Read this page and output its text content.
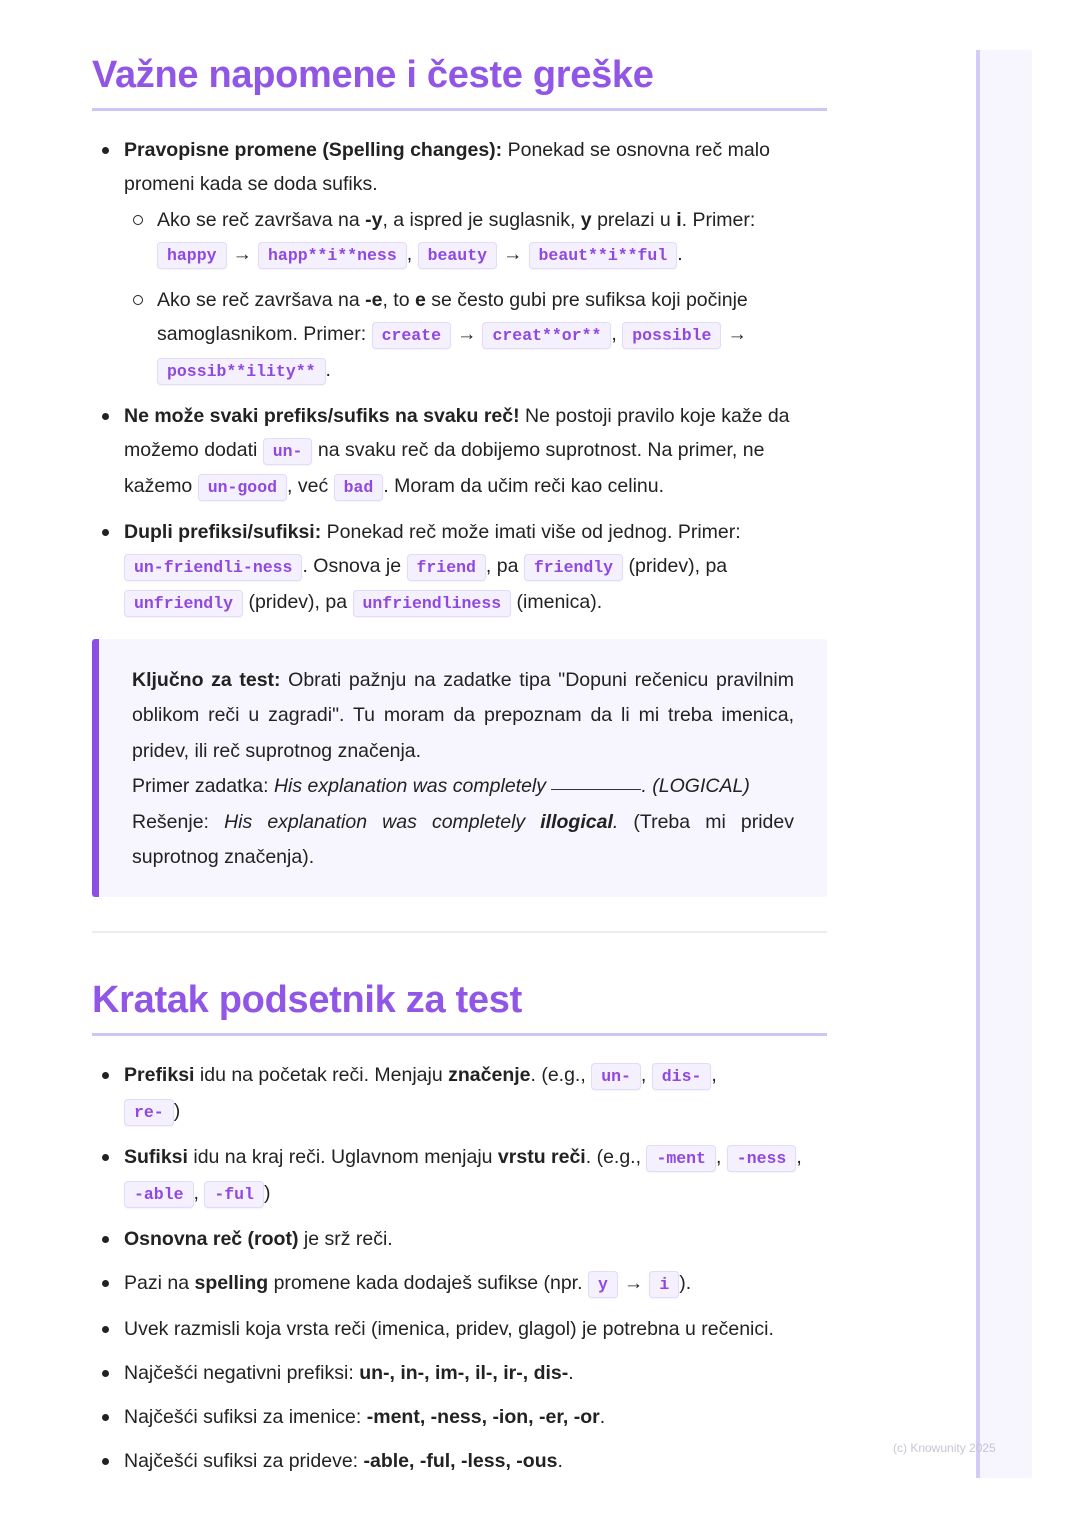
Važne napomene i česte greške
Pravopisne promene (Spelling changes): Ponekad se osnovna reč malo promeni kada se doda sufiks.
Ako se reč završava na -y, a ispred je suglasnik, y prelazi u i. Primer:
happy → happ**i**ness , beauty → beaut**i**ful .
Ako se reč završava na -e, to e se često gubi pre sufiksa koji počinje samoglasnikom. Primer: create → creat**or** , possible →
possib**ility** .
Ne može svaki prefiks/sufiks na svaku reč! Ne postoji pravilo koje kaže da možemo dodati un- na svaku reč da dobijemo suprotnost. Na primer, ne kažemo un-good , već bad . Moram da učim reči kao celinu.
Dupli prefiksi/sufiksi: Ponekad reč može imati više od jednog. Primer:
un-friendli-ness . Osnova je friend , pa friendly (pridev), pa
unfriendly (pridev), pa unfriendliness (imenica).

Ključno za test: Obrati pažnju na zadatke tipa "Dopuni rečenicu pravilnim oblikom reči u zagradi". Tu moram da prepoznam da li mi treba imenica, pridev, ili reč suprotnog značenja.

Primer zadatka: His explanation was completely	. (LOGICAL)

Rešenje: His explanation was completely illogical. (Treba mi pridev suprotnog značenja).

Kratak podsetnik za test
Prefiksi idu na početak reči. Menjaju značenje. (e.g., un- , dis- ,
re- )
Sufiksi idu na kraj reči. Uglavnom menjaju vrstu reči. (e.g., -ment , -ness , -able , -ful )
Osnovna reč (root) je srž reči.
Pazi na spelling promene kada dodaješ sufikse (npr. y → i ).
Uvek razmisli koja vrsta reči (imenica, pridev, glagol) je potrebna u rečenici.
Najčešći negativni prefiksi: un-, in-, im-, il-, ir-, dis-.
Najčešći sufiksi za imenice: -ment, -ness, -ion, -er, -or.
Najčešći sufiksi za prideve: -able, -ful, -less, -ous.
(c) Knowunity 2025
